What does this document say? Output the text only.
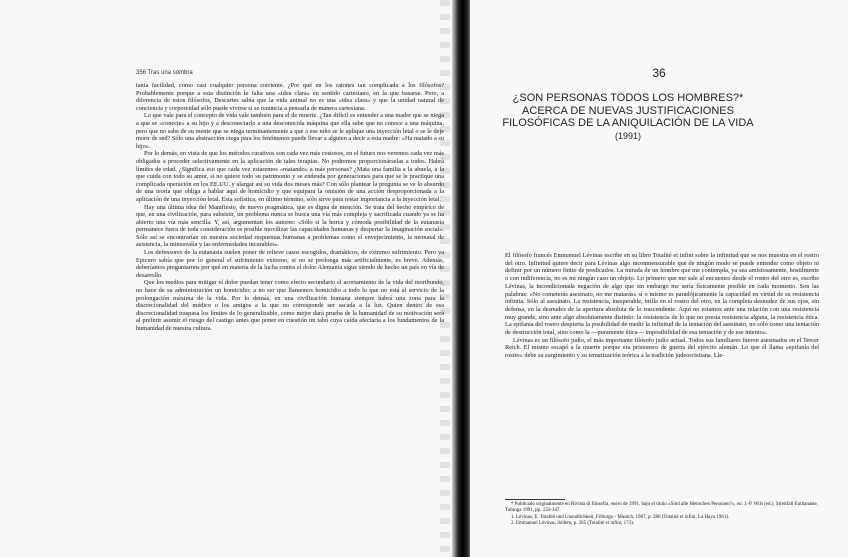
356 Tras una sombra

tanta facilidad, como casi cualquier persona corriente. ¿Por qué en los ratones tan complicada a los filósofos? Probablemente porque a esta distinción le falta una «idea clara» en sentido cartesiano, en la que basarse. Pero, a diferencia de estos filósofos, Descartes sabía que la vida animal no es una «idea clara» y que la unidad natural de conciencia y corporeidad sólo puede vivirse si se renuncia a pensarla de manera cartesiana.

Lo que vale para el concepto de vida vale también para el de muerte. ¿Tan difícil es entender a una madre que se niega a que se «conecte» a su hijo y a desconectarlo a una desconocida máquina que ella sabe que no conoce a una máquina, pero que no sabe de su mente que se niega terminantemente a que a ese niño se le aplique una inyección letal o se le deje morir de sed? Sólo una abstracción ciega para los fenómenos puede llevar a alguien a decir a esta madre: «Ha matado a su hijo».

Por lo demás, en vista de que los métodos curativos son cada vez más costosos, en el futuro nos veremos cada vez más obligados a proceder selectivamente en la aplicación de tales terapias. No podremos proporcionárselas a todos. Habrá límites de edad. ¿Significa eso que cada vez estaremos «matando» a más personas? ¿Mata una familia a la abuela, a la que cuida con todo su amor, si no quiere todo su patrimonio y se endeuda por generaciones para que se le practique una complicada operación en los EE.UU. y alargar así su vida dos meses más? Con sólo plantear la pregunta se ve lo absurdo de una teoría que obliga a hablar aquí de homicidio y que equipara la omisión de una acción desproporcionada a la aplicación de una inyección letal. Esta sofística, en último término, sólo sirve para restar importancia a la inyección letal.

Hay una última idea del Manifiesto, de nuevo pragmática, que es digna de mención. Se trata del hecho empírico de que, en una civilización, para subsistir, un problema nunca se busca una vía más compleja y sacrificada cuando ya se ha abierto una vía más sencilla. Y, así, argumentan los autores: «Sólo si la horca y cómoda posibilidad de la eutanasia permanece fuera de toda consideración es posible movilizar las capacidades humanas y despertar la imaginación social». Sólo así se encontrarían en nuestra sociedad respuestas humanas a problemas como el envejecimiento, la neonatal de asistencia, la minusvalía y las enfermedades incurables».

Los defensores de la eutanasia suelen poner de relieve casos escogidos, dramáticos, de extremo sufrimiento. Pero ya Epicuro sabía que por lo general el sufrimiento extremo, si no se prolonga más artificialmente, es breve. Además, deberíamos preguntarnos por qué en materia de la lucha contra el dolor Alemania sigue siendo de hecho un país en vía de desarrollo.

Que los medios para mitigar el dolor puedan tener como efecto secundario el acortamiento de la vida del moribundo, no hace de su administración un homicidio; a no ser que llamemos homicidio a todo lo que no está al servicio de la prolongación máxima de la vida. Por lo demás, en una civilización humana siempre habrá una zona para la discrecionalidad del médico o los amigos a la que no corresponde ser sacada a la luz. Quien dentro de esa discrecionalidad traspasa los límites de lo generalizable, como mejor dará prueba de la humanidad de su motivación será al preferir asumir el riesgo del castigo antes que poner en cuestión un tabú cuya caída afectaría a los fundamentos de la humanidad de nuestra cultura.

36
¿SON PERSONAS TODOS LOS HOMBRES?*
ACERCA DE NUEVAS JUSTIFICACIONES
FILOSÓFICAS DE LA ANIQUILACIÓN DE LA VIDA
(1991)

El filósofo francés Emmanuel Lévinas escribe en su libro Totalité et infini sobre la infinitud que se nos muestra en el rostro del otro. Infinitud quiere decir para Lévinas algo inconmensurable que de ningún modo se puede entender como objeto ni definir por un número finito de predicados. La mirada de un hombre que me contempla, ya sea amistosamente, hostilmente o con indiferencia, no es mi ningún caso un objeto. Lo primero que me sale al encuentro desde el rostro del otro es, escribe Lévinas, la incondicionada negación de algo que sin embargo me sería físicamente posible en cada momento. Son las palabras: «No cometerás asesinato, no me matarás» sí o mismo es paradójicamente la capacidad en virtud de su resistencia infinita. Sólo al asesinato. La resistencia, inesperable, brilla en el rostro del otro, en la completa desnudez de sus ojos, sin defensa, en la desnudez de la apertura absoluta de lo trascendente. Aquí no estamos ante una relación con una resistencia muy grande, sino ante algo absolutamente distinto: la resistencia de lo que no presta resistencia alguna, la resistencia ética. La epifanía del rostro despierta la posibilidad de medir la infinitud de la tentación del asesinato, no sólo como una tentación de destrucción total, sino como la —puramente ética— imposibilidad de esa tentación y de ese intento».

Lévinas es un filósofo judío, el más importante filósofo judío actual. Todos sus familiares fueron asesinados en el Tercer Reich. El mismo escapó a la muerte porque era prisionero de guerra del ejército alemán. Lo que él llama «epifanía del rostro» debe su surgimiento y su tematización teórica a la tradición judeocristiana. Lle-

* Publicado originalmente en Rivista di filosofia, enero de 1991, bajo el título «Sind alle Menschen Personen?», en: J.-P. Wils (ed.), Streitfall Euthanasie, Tubinga 1991, pp. 133-147.
1. Lévinas, E. Totalité und Unendlichkeit, Friburgo - Munich, 1987, p. 286 (Totalité et infini, La Haya 1961).
2. Emmanuel Lévinas, ibídem, p. 285 (Totalité et infini, 173).
